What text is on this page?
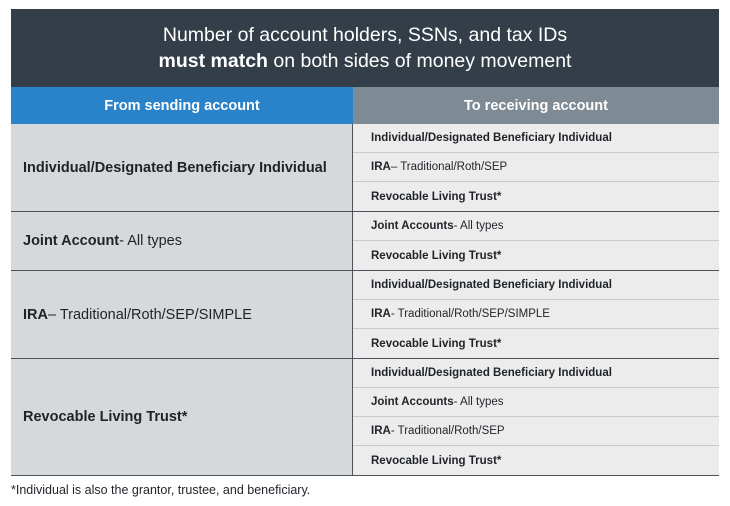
Number of account holders, SSNs, and tax IDs
must match on both sides of money movement
From sending account	To receiving account
Individual/Designated Beneficiary Individual
Individual/Designated Beneficiary Individual
IRA – Traditional/Roth/SEP
Revocable Living Trust*
Joint Account - All types
Joint Accounts - All types
Revocable Living Trust*
IRA – Traditional/Roth/SEP/SIMPLE
Individual/Designated Beneficiary Individual
IRA - Traditional/Roth/SEP/SIMPLE
Revocable Living Trust*
Revocable Living Trust*
Individual/Designated Beneficiary Individual
Joint Accounts - All types
IRA - Traditional/Roth/SEP
Revocable Living Trust*
*Individual is also the grantor, trustee, and beneficiary.
